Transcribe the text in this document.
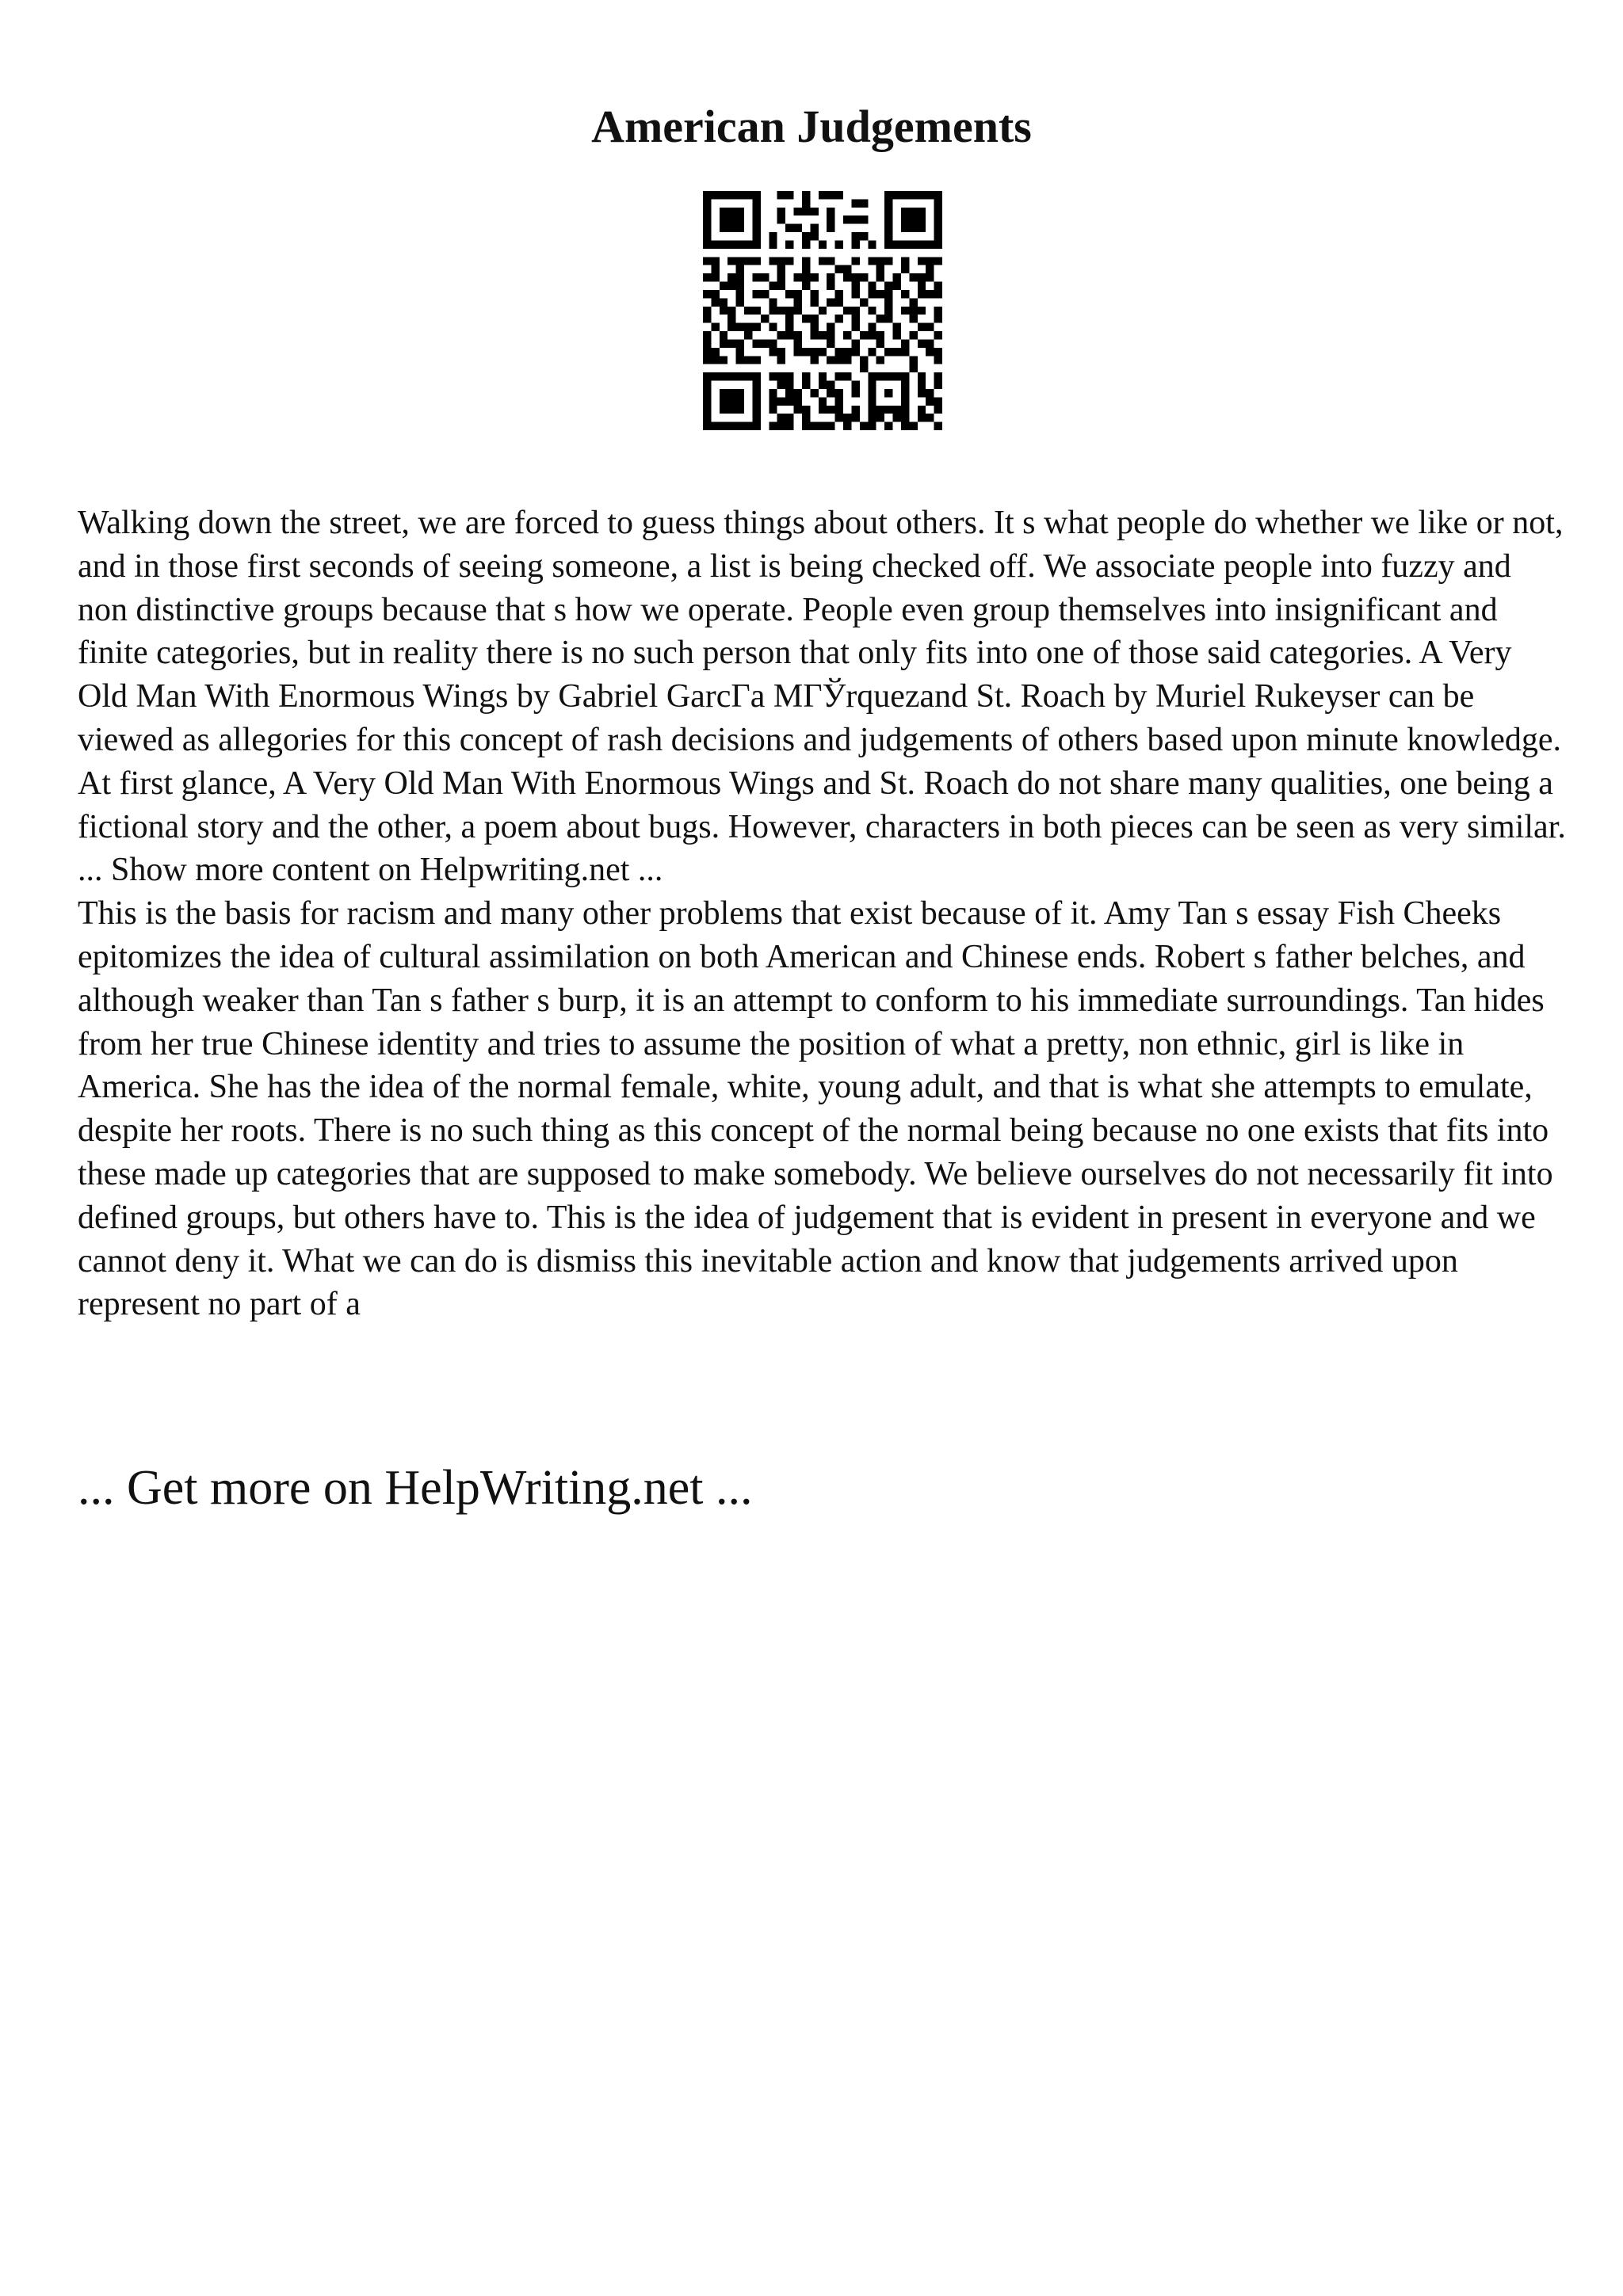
American Judgements

Walking down the street, we are forced to guess things about others. It s what people do whether we like or not, and in those first seconds of seeing someone, a list is being checked off. We associate people into fuzzy and non distinctive groups because that s how we operate. People even group themselves into insignificant and finite categories, but in reality there is no such person that only fits into one of those said categories. A Very Old Man With Enormous Wings by Gabriel GarcГa MГЎrquezand St. Roach by Muriel Rukeyser can be viewed as allegories for this concept of rash decisions and judgements of others based upon minute knowledge.

At first glance, A Very Old Man With Enormous Wings and St. Roach do not share many qualities, one being a fictional story and the other, a poem about bugs. However, characters in both pieces can be seen as very similar. ... Show more content on Helpwriting.net ...

This is the basis for racism and many other problems that exist because of it. Amy Tan s essay Fish Cheeks epitomizes the idea of cultural assimilation on both American and Chinese ends. Robert s father belches, and although weaker than Tan s father s burp, it is an attempt to conform to his immediate surroundings. Tan hides from her true Chinese identity and tries to assume the position of what a pretty, non ethnic, girl is like in America. She has the idea of the normal female, white, young adult, and that is what she attempts to emulate, despite her roots. There is no such thing as this concept of the normal being because no one exists that fits into these made up categories that are supposed to make somebody. We believe ourselves do not necessarily fit into defined groups, but others have to. This is the idea of judgement that is evident in present in everyone and we cannot deny it. What we can do is dismiss this inevitable action and know that judgements arrived upon represent no part of a

... Get more on HelpWriting.net ...
